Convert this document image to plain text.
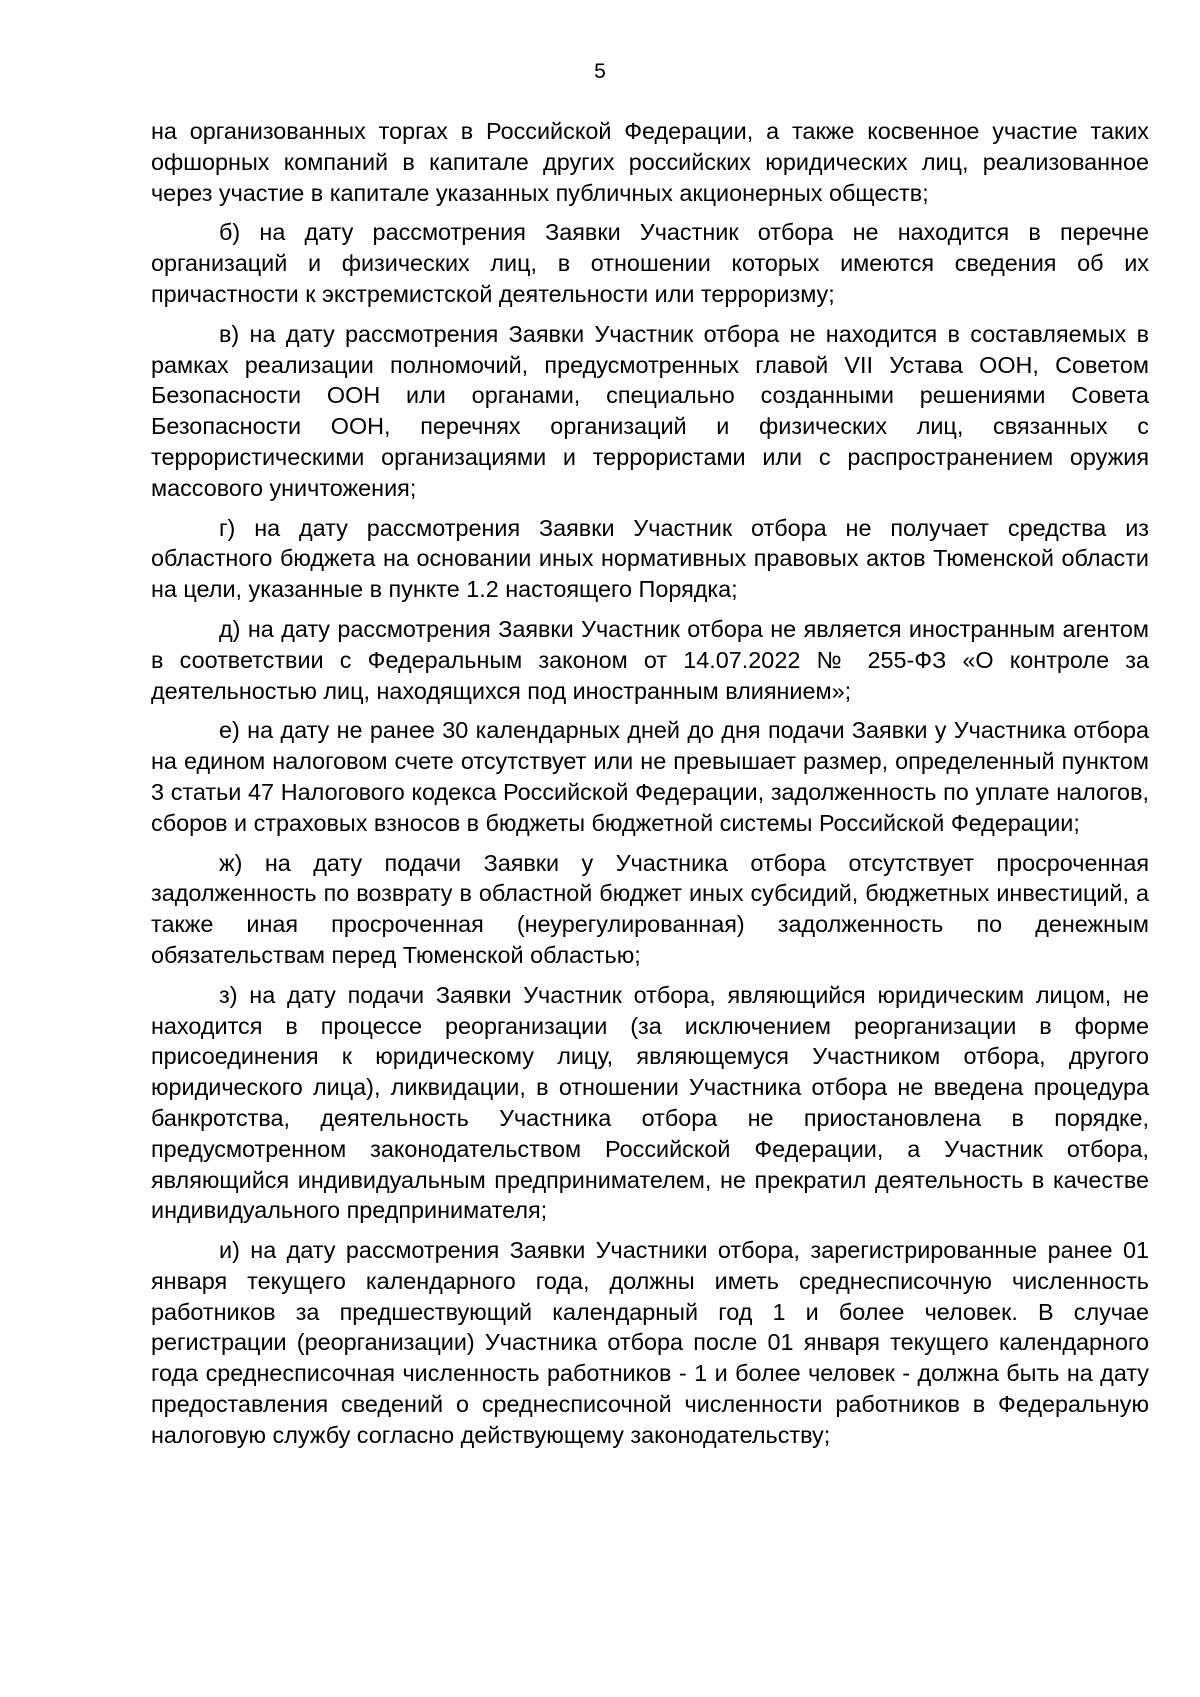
5

на организованных торгах в Российской Федерации, а также косвенное участие таких офшорных компаний в капитале других российских юридических лиц, реализованное через участие в капитале указанных публичных акционерных обществ;

б) на дату рассмотрения Заявки Участник отбора не находится в перечне организаций и физических лиц, в отношении которых имеются сведения об их причастности к экстремистской деятельности или терроризму;

в) на дату рассмотрения Заявки Участник отбора не находится в составляемых в рамках реализации полномочий, предусмотренных главой VII Устава ООН, Советом Безопасности ООН или органами, специально созданными решениями Совета Безопасности ООН, перечнях организаций и физических лиц, связанных с террористическими организациями и террористами или с распространением оружия массового уничтожения;

г) на дату рассмотрения Заявки Участник отбора не получает средства из областного бюджета на основании иных нормативных правовых актов Тюменской области на цели, указанные в пункте 1.2 настоящего Порядка;

д) на дату рассмотрения Заявки Участник отбора не является иностранным агентом в соответствии с Федеральным законом от 14.07.2022 № 255-ФЗ «О контроле за деятельностью лиц, находящихся под иностранным влиянием»;

е) на дату не ранее 30 календарных дней до дня подачи Заявки у Участника отбора на едином налоговом счете отсутствует или не превышает размер, определенный пунктом 3 статьи 47 Налогового кодекса Российской Федерации, задолженность по уплате налогов, сборов и страховых взносов в бюджеты бюджетной системы Российской Федерации;

ж) на дату подачи Заявки у Участника отбора отсутствует просроченная задолженность по возврату в областной бюджет иных субсидий, бюджетных инвестиций, а также иная просроченная (неурегулированная) задолженность по денежным обязательствам перед Тюменской областью;

з) на дату подачи Заявки Участник отбора, являющийся юридическим лицом, не находится в процессе реорганизации (за исключением реорганизации в форме присоединения к юридическому лицу, являющемуся Участником отбора, другого юридического лица), ликвидации, в отношении Участника отбора не введена процедура банкротства, деятельность Участника отбора не приостановлена в порядке, предусмотренном законодательством Российской Федерации, а Участник отбора, являющийся индивидуальным предпринимателем, не прекратил деятельность в качестве индивидуального предпринимателя;

и) на дату рассмотрения Заявки Участники отбора, зарегистрированные ранее 01 января текущего календарного года, должны иметь среднесписочную численность работников за предшествующий календарный год 1 и более человек. В случае регистрации (реорганизации) Участника отбора после 01 января текущего календарного года среднесписочная численность работников - 1 и более человек - должна быть на дату предоставления сведений о среднесписочной численности работников в Федеральную налоговую службу согласно действующему законодательству;
